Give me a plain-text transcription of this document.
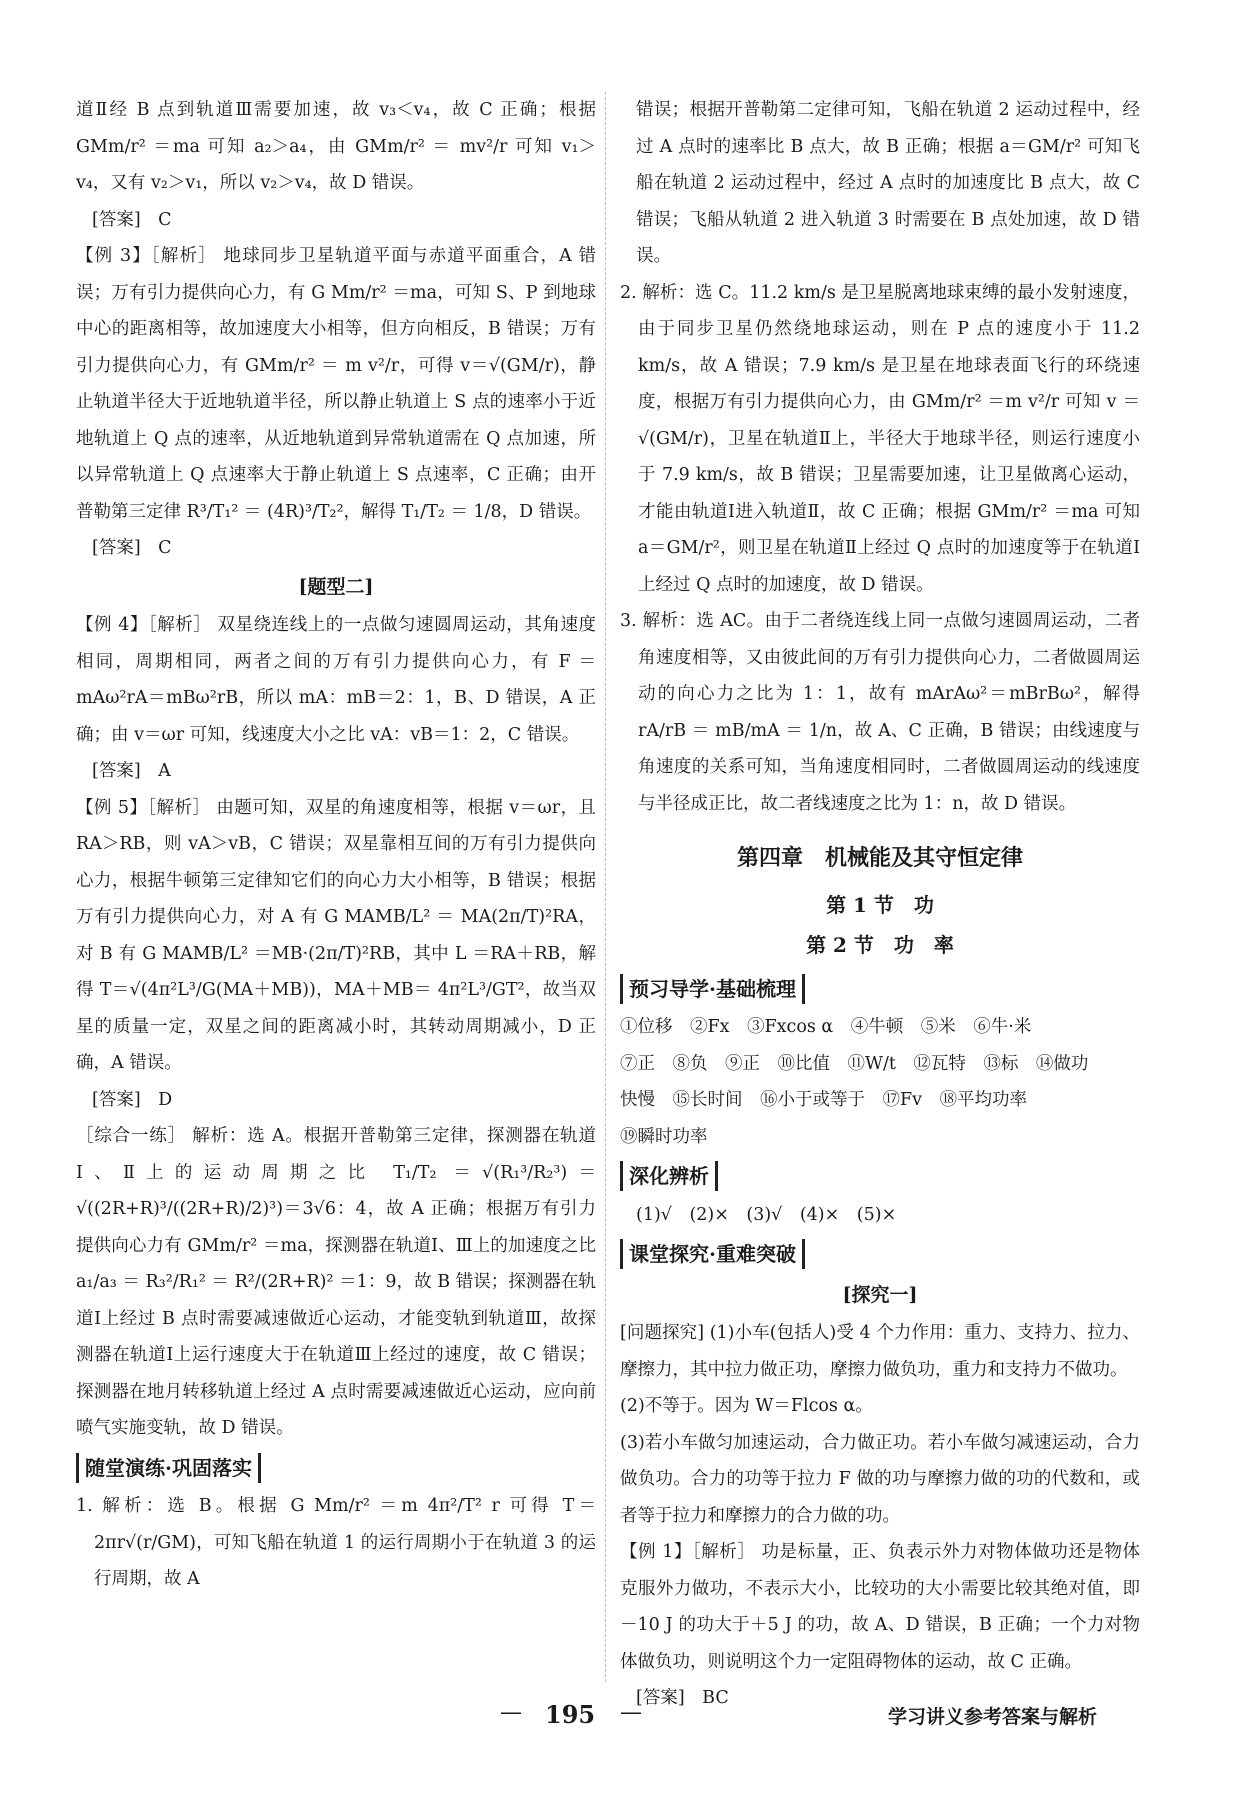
道Ⅱ经 B 点到轨道Ⅲ需要加速，故 v₃＜v₄，故 C 正确；根据 GMm/r² ＝ma 可知 a₂＞a₄，由 GMm/r² ＝ mv²/r 可知 v₁＞v₄，又有 v₂＞v₁，所以 v₂＞v₄，故 D 错误。

[答案]　C

【例 3】［解析］ 地球同步卫星轨道平面与赤道平面重合，A 错误；万有引力提供向心力，有 G Mm/r² ＝ma，可知 S、P 到地球中心的距离相等，故加速度大小相等，但方向相反，B 错误；万有引力提供向心力，有 GMm/r² ＝ m v²/r，可得 v＝√(GM/r)，静止轨道半径大于近地轨道半径，所以静止轨道上 S 点的速率小于近地轨道上 Q 点的速率，从近地轨道到异常轨道需在 Q 点加速，所以异常轨道上 Q 点速率大于静止轨道上 S 点速率，C 正确；由开普勒第三定律 R³/T₁² ＝ (4R)³/T₂²，解得 T₁/T₂ ＝ 1/8，D 错误。

[答案]　C

[题型二]

【例 4】［解析］ 双星绕连线上的一点做匀速圆周运动，其角速度相同，周期相同，两者之间的万有引力提供向心力，有 F ＝mAω²rA＝mBω²rB，所以 mA：mB＝2：1，B、D 错误，A 正确；由 v＝ωr 可知，线速度大小之比 vA：vB＝1：2，C 错误。

[答案]　A

【例 5】［解析］ 由题可知，双星的角速度相等，根据 v＝ωr，且 RA＞RB，则 vA＞vB，C 错误；双星靠相互间的万有引力提供向心力，根据牛顿第三定律知它们的向心力大小相等，B 错误；根据万有引力提供向心力，对 A 有 G MAMB/L² ＝ MA(2π/T)²RA，对 B 有 G MAMB/L² ＝MB·(2π/T)²RB，其中 L ＝RA＋RB，解得 T＝√(4π²L³/G(MA＋MB))，MA＋MB＝ 4π²L³/GT²，故当双星的质量一定，双星之间的距离减小时，其转动周期减小，D 正确，A 错误。

[答案]　D

［综合一练］ 解析：选 A。根据开普勒第三定律，探测器在轨道Ⅰ、Ⅱ上的运动周期之比 T₁/T₂ ＝√(R₁³/R₂³)＝√((2R+R)³/((2R+R)/2)³)＝3√6：4，故 A 正确；根据万有引力提供向心力有 GMm/r² ＝ma，探测器在轨道Ⅰ、Ⅲ上的加速度之比 a₁/a₃ ＝ R₃²/R₁² ＝ R²/(2R+R)² ＝1：9，故 B 错误；探测器在轨道Ⅰ上经过 B 点时需要减速做近心运动，才能变轨到轨道Ⅲ，故探测器在轨道Ⅰ上运行速度大于在轨道Ⅲ上经过的速度，故 C 错误；探测器在地月转移轨道上经过 A 点时需要减速做近心运动，应向前喷气实施变轨，故 D 错误。

随堂演练·巩固落实

1. 解析：选 B。根据 G Mm/r² ＝m 4π²/T² r 可得 T＝2πr√(r/GM)，可知飞船在轨道 1 的运行周期小于在轨道 3 的运行周期，故 A

错误；根据开普勒第二定律可知，飞船在轨道 2 运动过程中，经过 A 点时的速率比 B 点大，故 B 正确；根据 a＝GM/r² 可知飞船在轨道 2 运动过程中，经过 A 点时的加速度比 B 点大，故 C 错误；飞船从轨道 2 进入轨道 3 时需要在 B 点处加速，故 D 错误。

2. 解析：选 C。11.2 km/s 是卫星脱离地球束缚的最小发射速度，由于同步卫星仍然绕地球运动，则在 P 点的速度小于 11.2 km/s，故 A 错误；7.9 km/s 是卫星在地球表面飞行的环绕速度，根据万有引力提供向心力，由 GMm/r² ＝m v²/r 可知 v ＝√(GM/r)，卫星在轨道Ⅱ上，半径大于地球半径，则运行速度小于 7.9 km/s，故 B 错误；卫星需要加速，让卫星做离心运动，才能由轨道Ⅰ进入轨道Ⅱ，故 C 正确；根据 GMm/r² ＝ma 可知 a＝GM/r²，则卫星在轨道Ⅱ上经过 Q 点时的加速度等于在轨道Ⅰ上经过 Q 点时的加速度，故 D 错误。

3. 解析：选 AC。由于二者绕连线上同一点做匀速圆周运动，二者角速度相等，又由彼此间的万有引力提供向心力，二者做圆周运动的向心力之比为 1：1，故有 mArAω²＝mBrBω²，解得 rA/rB ＝ mB/mA ＝ 1/n，故 A、C 正确，B 错误；由线速度与角速度的关系可知，当角速度相同时，二者做圆周运动的线速度与半径成正比，故二者线速度之比为 1：n，故 D 错误。

第四章　机械能及其守恒定律

第 1 节　功

第 2 节　功　率

预习导学·基础梳理

①位移　②Fx　③Fxcos α　④牛顿　⑤米　⑥牛·米

⑦正　⑧负　⑨正　⑩比值　⑪W/t　⑫瓦特　⑬标　⑭做功

快慢　⑮长时间　⑯小于或等于　⑰Fv　⑱平均功率

⑲瞬时功率

深化辨析

(1)√　(2)×　(3)√　(4)×　(5)×

课堂探究·重难突破

[探究一]

[问题探究] (1)小车(包括人)受 4 个力作用：重力、支持力、拉力、摩擦力，其中拉力做正功，摩擦力做负功，重力和支持力不做功。

(2)不等于。因为 W＝Flcos α。

(3)若小车做匀加速运动，合力做正功。若小车做匀减速运动，合力做负功。合力的功等于拉力 F 做的功与摩擦力做的功的代数和，或者等于拉力和摩擦力的合力做的功。

【例 1】［解析］ 功是标量，正、负表示外力对物体做功还是物体克服外力做功，不表示大小，比较功的大小需要比较其绝对值，即 －10 J 的功大于＋5 J 的功，故 A、D 错误，B 正确；一个力对物体做负功，则说明这个力一定阻碍物体的运动，故 C 正确。

[答案]　BC

— 195 —	学习讲义参考答案与解析
